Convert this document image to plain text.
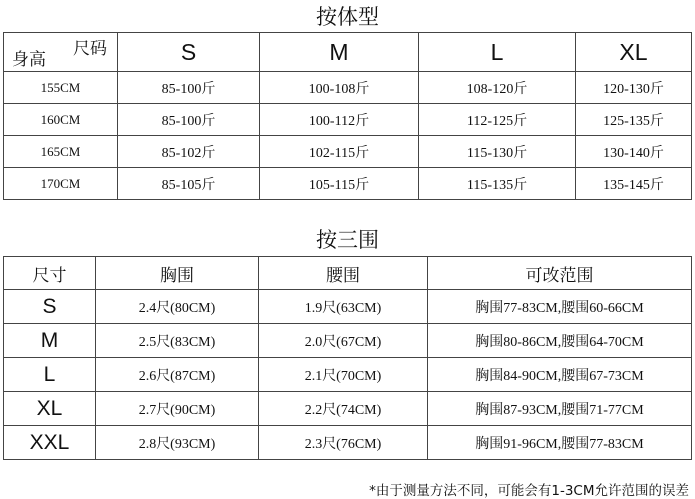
按体型
尺码
身高	S	M	L	XL
155CM	85-100斤	100-108斤	108-120斤	120-130斤
160CM	85-100斤	100-112斤	112-125斤	125-135斤
165CM	85-102斤	102-115斤	115-130斤	130-140斤
170CM	85-105斤	105-115斤	115-135斤	135-145斤
按三围
尺寸	胸围	腰围	可改范围
S	2.4尺(80CM)	1.9尺(63CM)	胸围77-83CM,腰围60-66CM
M	2.5尺(83CM)	2.0尺(67CM)	胸围80-86CM,腰围64-70CM
L	2.6尺(87CM)	2.1尺(70CM)	胸围84-90CM,腰围67-73CM
XL	2.7尺(90CM)	2.2尺(74CM)	胸围87-93CM,腰围71-77CM
XXL	2.8尺(93CM)	2.3尺(76CM)	胸围91-96CM,腰围77-83CM
*由于测量方法不同，可能会有1-3CM允许范围的误差
